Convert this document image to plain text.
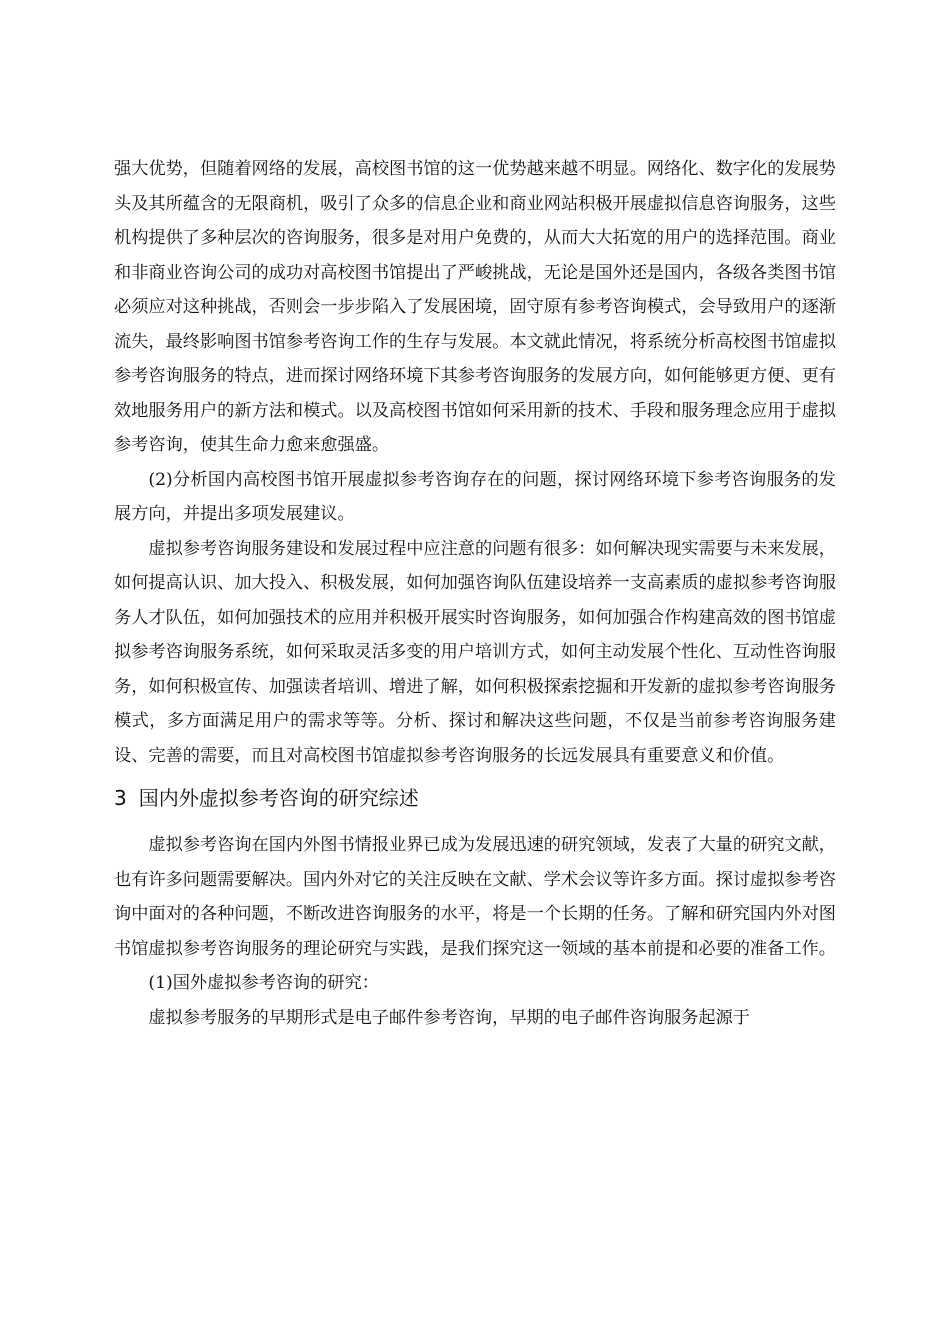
强大优势，但随着网络的发展，高校图书馆的这一优势越来越不明显。网络化、数字化的发展势头及其所蕴含的无限商机，吸引了众多的信息企业和商业网站积极开展虚拟信息咨询服务，这些机构提供了多种层次的咨询服务，很多是对用户免费的，从而大大拓宽的用户的选择范围。商业和非商业咨询公司的成功对高校图书馆提出了严峻挑战，无论是国外还是国内，各级各类图书馆必须应对这种挑战，否则会一步步陷入了发展困境，固守原有参考咨询模式，会导致用户的逐渐流失，最终影响图书馆参考咨询工作的生存与发展。本文就此情况，将系统分析高校图书馆虚拟参考咨询服务的特点，进而探讨网络环境下其参考咨询服务的发展方向，如何能够更方便、更有效地服务用户的新方法和模式。以及高校图书馆如何采用新的技术、手段和服务理念应用于虚拟参考咨询，使其生命力愈来愈强盛。

(2)分析国内高校图书馆开展虚拟参考咨询存在的问题，探讨网络环境下参考咨询服务的发展方向，并提出多项发展建议。

虚拟参考咨询服务建设和发展过程中应注意的问题有很多：如何解决现实需要与未来发展，如何提高认识、加大投入、积极发展，如何加强咨询队伍建设培养一支高素质的虚拟参考咨询服务人才队伍，如何加强技术的应用并积极开展实时咨询服务，如何加强合作构建高效的图书馆虚拟参考咨询服务系统，如何采取灵活多变的用户培训方式，如何主动发展个性化、互动性咨询服务，如何积极宣传、加强读者培训、增进了解，如何积极探索挖掘和开发新的虚拟参考咨询服务模式，多方面满足用户的需求等等。分析、探讨和解决这些问题，不仅是当前参考咨询服务建设、完善的需要，而且对高校图书馆虚拟参考咨询服务的长远发展具有重要意义和价值。

3 国内外虚拟参考咨询的研究综述

虚拟参考咨询在国内外图书情报业界已成为发展迅速的研究领域，发表了大量的研究文献，也有许多问题需要解决。国内外对它的关注反映在文献、学术会议等许多方面。探讨虚拟参考咨询中面对的各种问题，不断改进咨询服务的水平，将是一个长期的任务。了解和研究国内外对图书馆虚拟参考咨询服务的理论研究与实践，是我们探究这一领域的基本前提和必要的准备工作。

(1)国外虚拟参考咨询的研究：

虚拟参考服务的早期形式是电子邮件参考咨询，早期的电子邮件咨询服务起源于
